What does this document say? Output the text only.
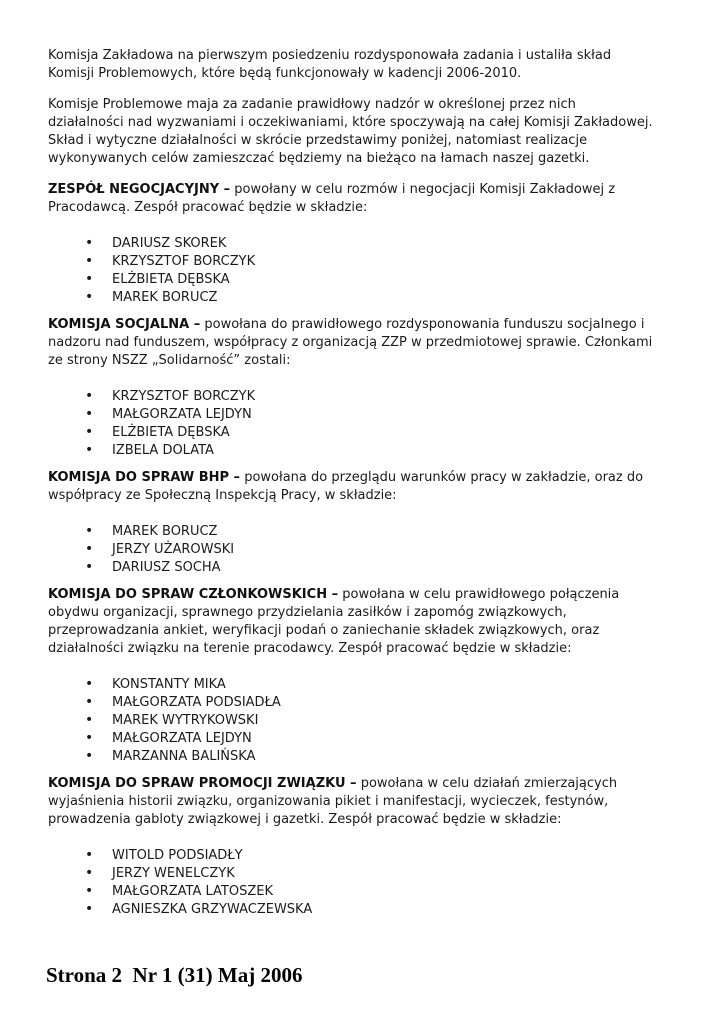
Komisja Zakładowa na pierwszym posiedzeniu rozdysponowała zadania i ustaliła skład
Komisji Problemowych, które będą funkcjonowały w kadencji 2006-2010.
Komisje Problemowe maja za zadanie prawidłowy nadzór w określonej przez nich
działalności nad wyzwaniami i oczekiwaniami, które spoczywają na całej Komisji Zakładowej.
Skład i wytyczne działalności w skrócie przedstawimy poniżej, natomiast realizacje
wykonywanych celów zamieszczać będziemy na bieżąco na łamach naszej gazetki.
ZESPÓŁ NEGOCJACYJNY – powołany w celu rozmów i negocjacji Komisji Zakładowej z
Pracodawcą. Zespół pracować będzie w składzie:
• DARIUSZ SKOREK
• KRZYSZTOF BORCZYK
• ELŻBIETA DĘBSKA
• MAREK BORUCZ
KOMISJA SOCJALNA – powołana do prawidłowego rozdysponowania funduszu socjalnego i
nadzoru nad funduszem, współpracy z organizacją ZZP w przedmiotowej sprawie. Członkami
ze strony NSZZ „Solidarność” zostali:
• KRZYSZTOF BORCZYK
• MAŁGORZATA LEJDYN
• ELŻBIETA DĘBSKA
• IZBELA DOLATA
KOMISJA DO SPRAW BHP – powołana do przeglądu warunków pracy w zakładzie, oraz do
współpracy ze Społeczną Inspekcją Pracy, w składzie:
• MAREK BORUCZ
• JERZY UŻAROWSKI
• DARIUSZ SOCHA
KOMISJA DO SPRAW CZŁONKOWSKICH – powołana w celu prawidłowego połączenia
obydwu organizacji, sprawnego przydzielania zasiłków i zapomóg związkowych,
przeprowadzania ankiet, weryfikacji podań o zaniechanie składek związkowych, oraz
działalności związku na terenie pracodawcy. Zespół pracować będzie w składzie:
• KONSTANTY MIKA
• MAŁGORZATA PODSIADŁA
• MAREK WYTRYKOWSKI
• MAŁGORZATA LEJDYN
• MARZANNA BALIŃSKA
KOMISJA DO SPRAW PROMOCJI ZWIĄZKU – powołana w celu działań zmierzających
wyjaśnienia historii związku, organizowania pikiet i manifestacji, wycieczek, festynów,
prowadzenia gabloty związkowej i gazetki. Zespół pracować będzie w składzie:
• WITOLD PODSIADŁY
• JERZY WENELCZYK
• MAŁGORZATA LATOSZEK
• AGNIESZKA GRZYWACZEWSKA
Strona 2  Nr 1 (31) Maj 2006
